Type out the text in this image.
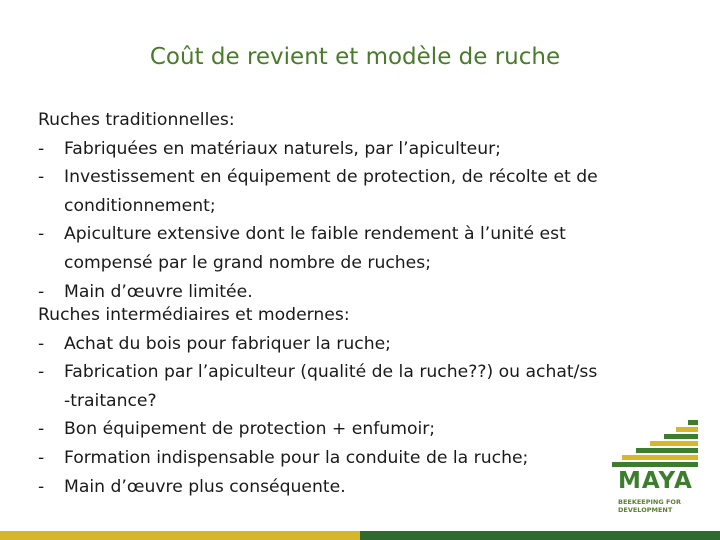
Coût de revient et modèle de ruche

Ruches traditionnelles:

- Fabriquées en matériaux naturels, par l’apiculteur;
- Investissement en équipement de protection, de récolte et de
conditionnement;
- Apiculture extensive dont le faible rendement à l’unité est
compensé par le grand nombre de ruches;
- Main d’œuvre limitée.

Ruches intermédiaires et modernes:

- Achat du bois pour fabriquer la ruche;
- Fabrication par l’apiculteur (qualité de la ruche??) ou achat/ss
-traitance?
- Bon équipement de protection + enfumoir;
- Formation indispensable pour la conduite de la ruche;
- Main d’œuvre plus conséquente.	MAYA
BEEKEEPING FOR DEVELOPMENT
